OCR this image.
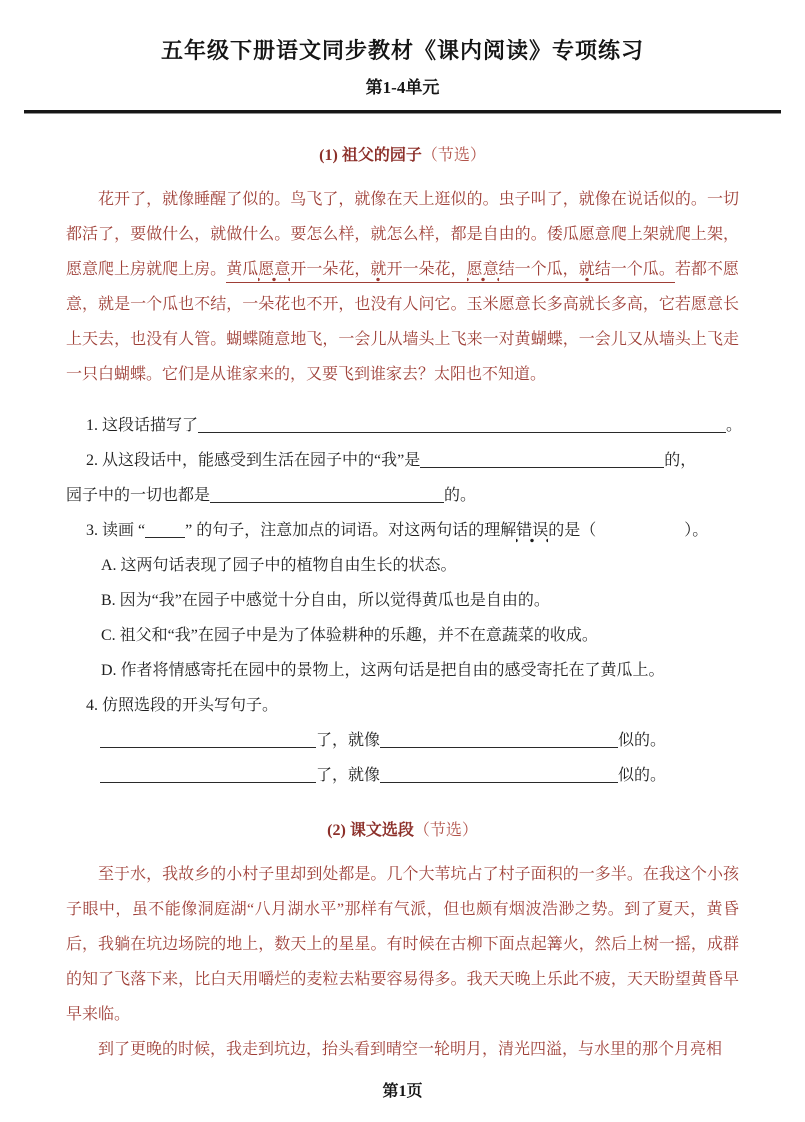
五年级下册语文同步教材《课内阅读》专项练习
第1-4单元
(1) 祖父的园子（节选）

花开了，就像睡醒了似的。鸟飞了，就像在天上逛似的。虫子叫了，就像在说话似的。一切都活了，要做什么，就做什么。要怎么样，就怎么样，都是自由的。倭瓜愿意爬上架就爬上架，愿意爬上房就爬上房。黄瓜愿意开一朵花，就开一朵花，愿意结一个瓜，就结一个瓜。若都不愿意，就是一个瓜也不结，一朵花也不开，也没有人问它。玉米愿意长多高就长多高，它若愿意长上天去，也没有人管。蝴蝶随意地飞，一会儿从墙头上飞来一对黄蝴蝶，一会儿又从墙头上飞走一只白蝴蝶。它们是从谁家来的，又要飞到谁家去？太阳也不知道。

1. 这段话描写了	。
2. 从这段话中，能感受到生活在园子中的“我”是	的，
园子中的一切也都是	的。
3. 读画 “	” 的句子，注意加点的词语。对这两句话的理解错误的是（	）。
A. 这两句话表现了园子中的植物自由生长的状态。
B. 因为“我”在园子中感觉十分自由，所以觉得黄瓜也是自由的。
C. 祖父和“我”在园子中是为了体验耕种的乐趣，并不在意蔬菜的收成。
D. 作者将情感寄托在园中的景物上，这两句话是把自由的感受寄托在了黄瓜上。
4. 仿照选段的开头写句子。
了，就像	似的。
了，就像	似的。
(2) 课文选段（节选）

至于水，我故乡的小村子里却到处都是。几个大苇坑占了村子面积的一多半。在我这个小孩子眼中，虽不能像洞庭湖“八月湖水平”那样有气派，但也颇有烟波浩渺之势。到了夏天，黄昏后，我躺在坑边场院的地上，数天上的星星。有时候在古柳下面点起篝火，然后上树一摇，成群的知了飞落下来，比白天用嚼烂的麦粒去粘要容易得多。我天天晚上乐此不疲，天天盼望黄昏早早来临。

到了更晚的时候，我走到坑边，抬头看到晴空一轮明月，清光四溢，与水里的那个月亮相

第1页
